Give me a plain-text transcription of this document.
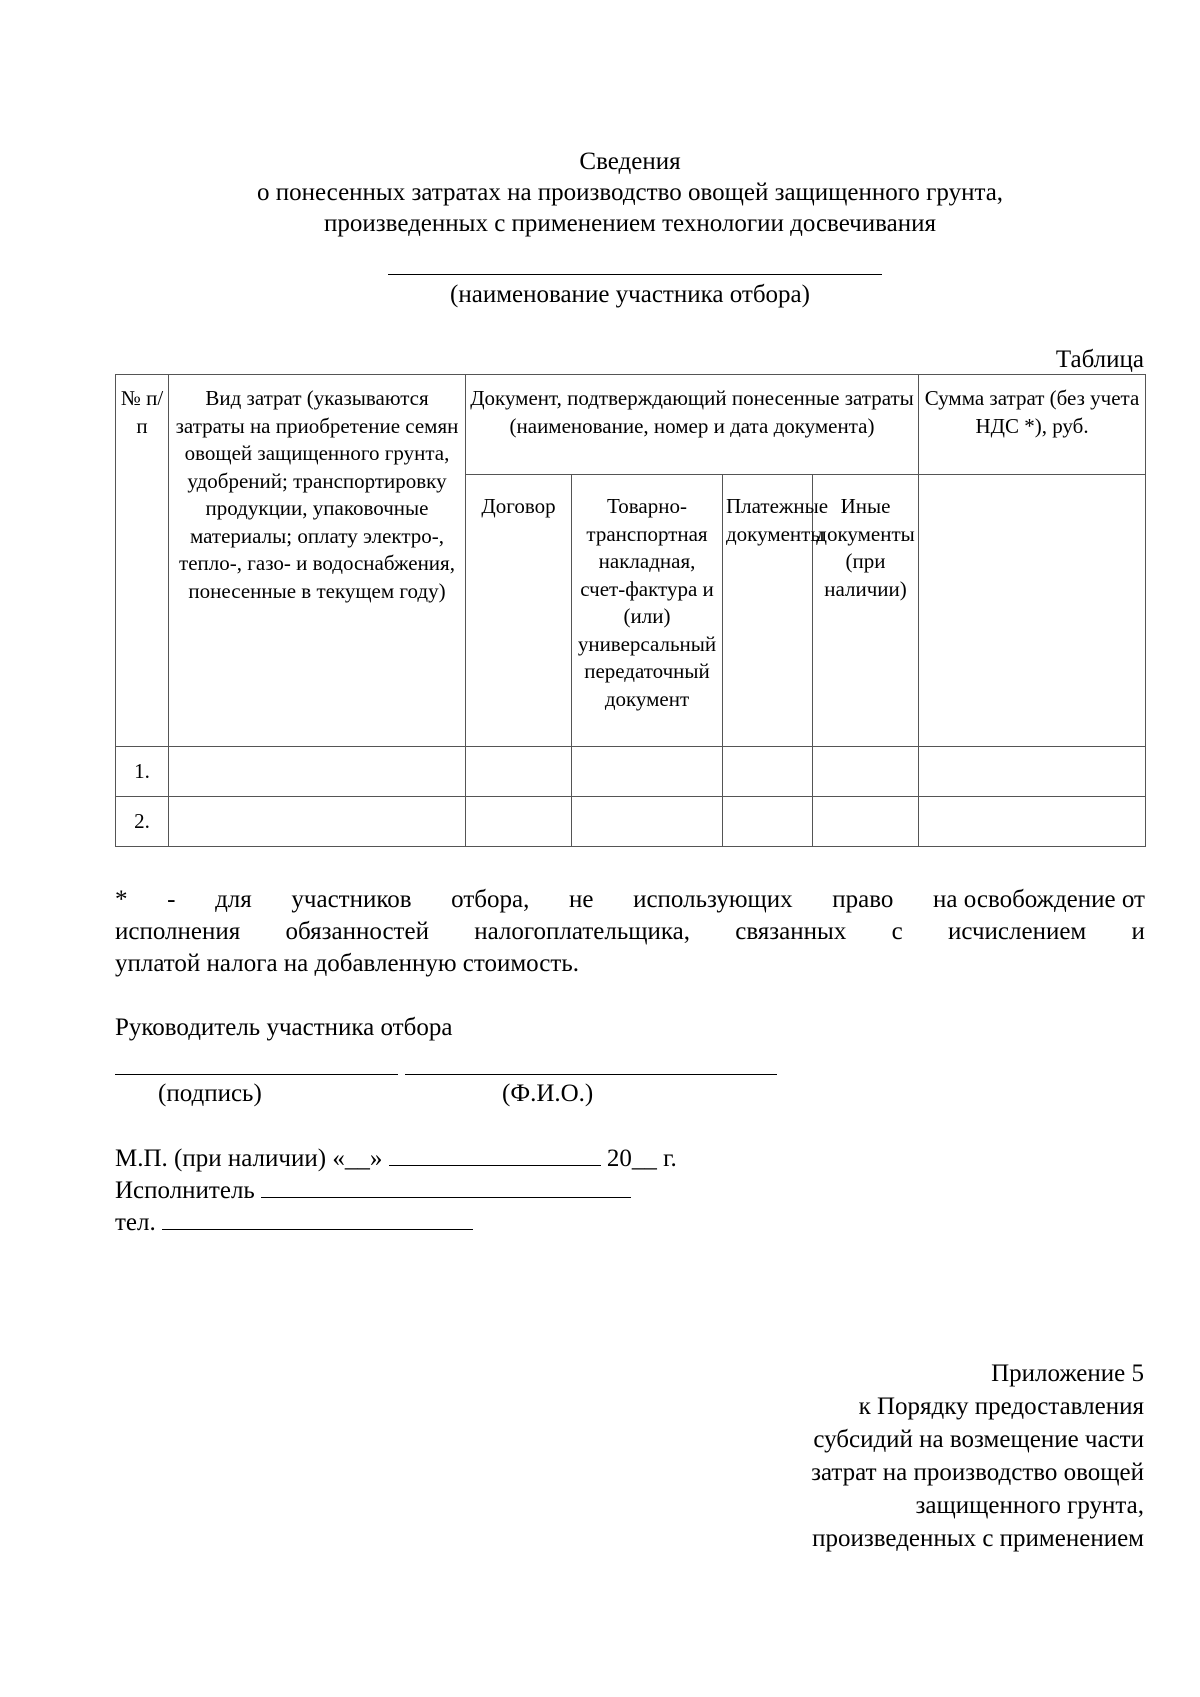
Сведения
о понесенных затратах на производство овощей защищенного грунта,
произведенных с применением технологии досвечивания
(наименование участника отбора)
Таблица
№ п/п	Вид затрат (указываются затраты на приобретение семян овощей защищенного грунта, удобрений; транспортировку продукции, упаковочные материалы; оплату электро-, тепло-, газо- и водоснабжения, понесенные в текущем году)	Документ, подтверждающий понесенные затраты (наименование, номер и дата документа)				Сумма затрат (без учета НДС *), руб.
		Договор	Товарно-транспортная накладная, счет-фактура и (или) универсальный передаточный документ	Платежные документы	Иные документы (при наличии)	
1.						
2.						
* - для участников отбора, не использующих право на освобождение от
исполнения обязанностей налогоплательщика, связанных с исчислением и
уплатой налога на добавленную стоимость.
Руководитель участника отбора
(подпись)	(Ф.И.О.)
М.П. (при наличии) «__»	20__ г.
Исполнитель
тел.
Приложение 5
к Порядку предоставления
субсидий на возмещение части
затрат на производство овощей
защищенного грунта,
произведенных с применением
